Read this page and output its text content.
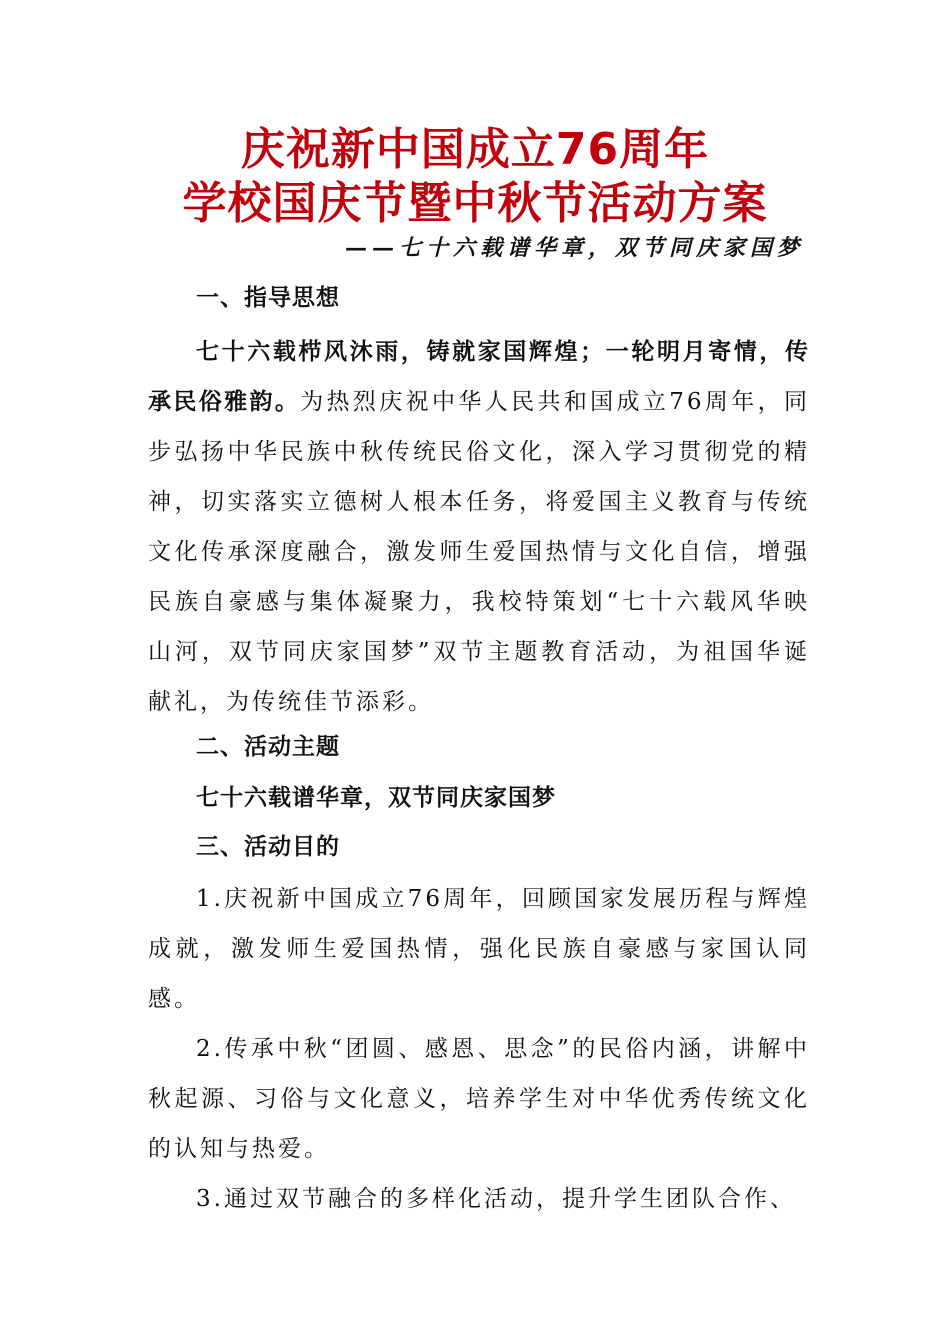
庆祝新中国成立76周年
学校国庆节暨中秋节活动方案
——七十六载谱华章，双节同庆家国梦
一、指导思想

七十六载栉风沐雨，铸就家国辉煌；一轮明月寄情，传承民俗雅韵。为热烈庆祝中华人民共和国成立76周年，同步弘扬中华民族中秋传统民俗文化，深入学习贯彻党的精神，切实落实立德树人根本任务，将爱国主义教育与传统文化传承深度融合，激发师生爱国热情与文化自信，增强民族自豪感与集体凝聚力，我校特策划“七十六载风华映山河，双节同庆家国梦”双节主题教育活动，为祖国华诞献礼，为传统佳节添彩。

二、活动主题
七十六载谱华章，双节同庆家国梦
三、活动目的

1.庆祝新中国成立76周年，回顾国家发展历程与辉煌成就，激发师生爱国热情，强化民族自豪感与家国认同感。

2.传承中秋“团圆、感恩、思念”的民俗内涵，讲解中秋起源、习俗与文化意义，培养学生对中华优秀传统文化的认知与热爱。

3.通过双节融合的多样化活动，提升学生团队合作、
